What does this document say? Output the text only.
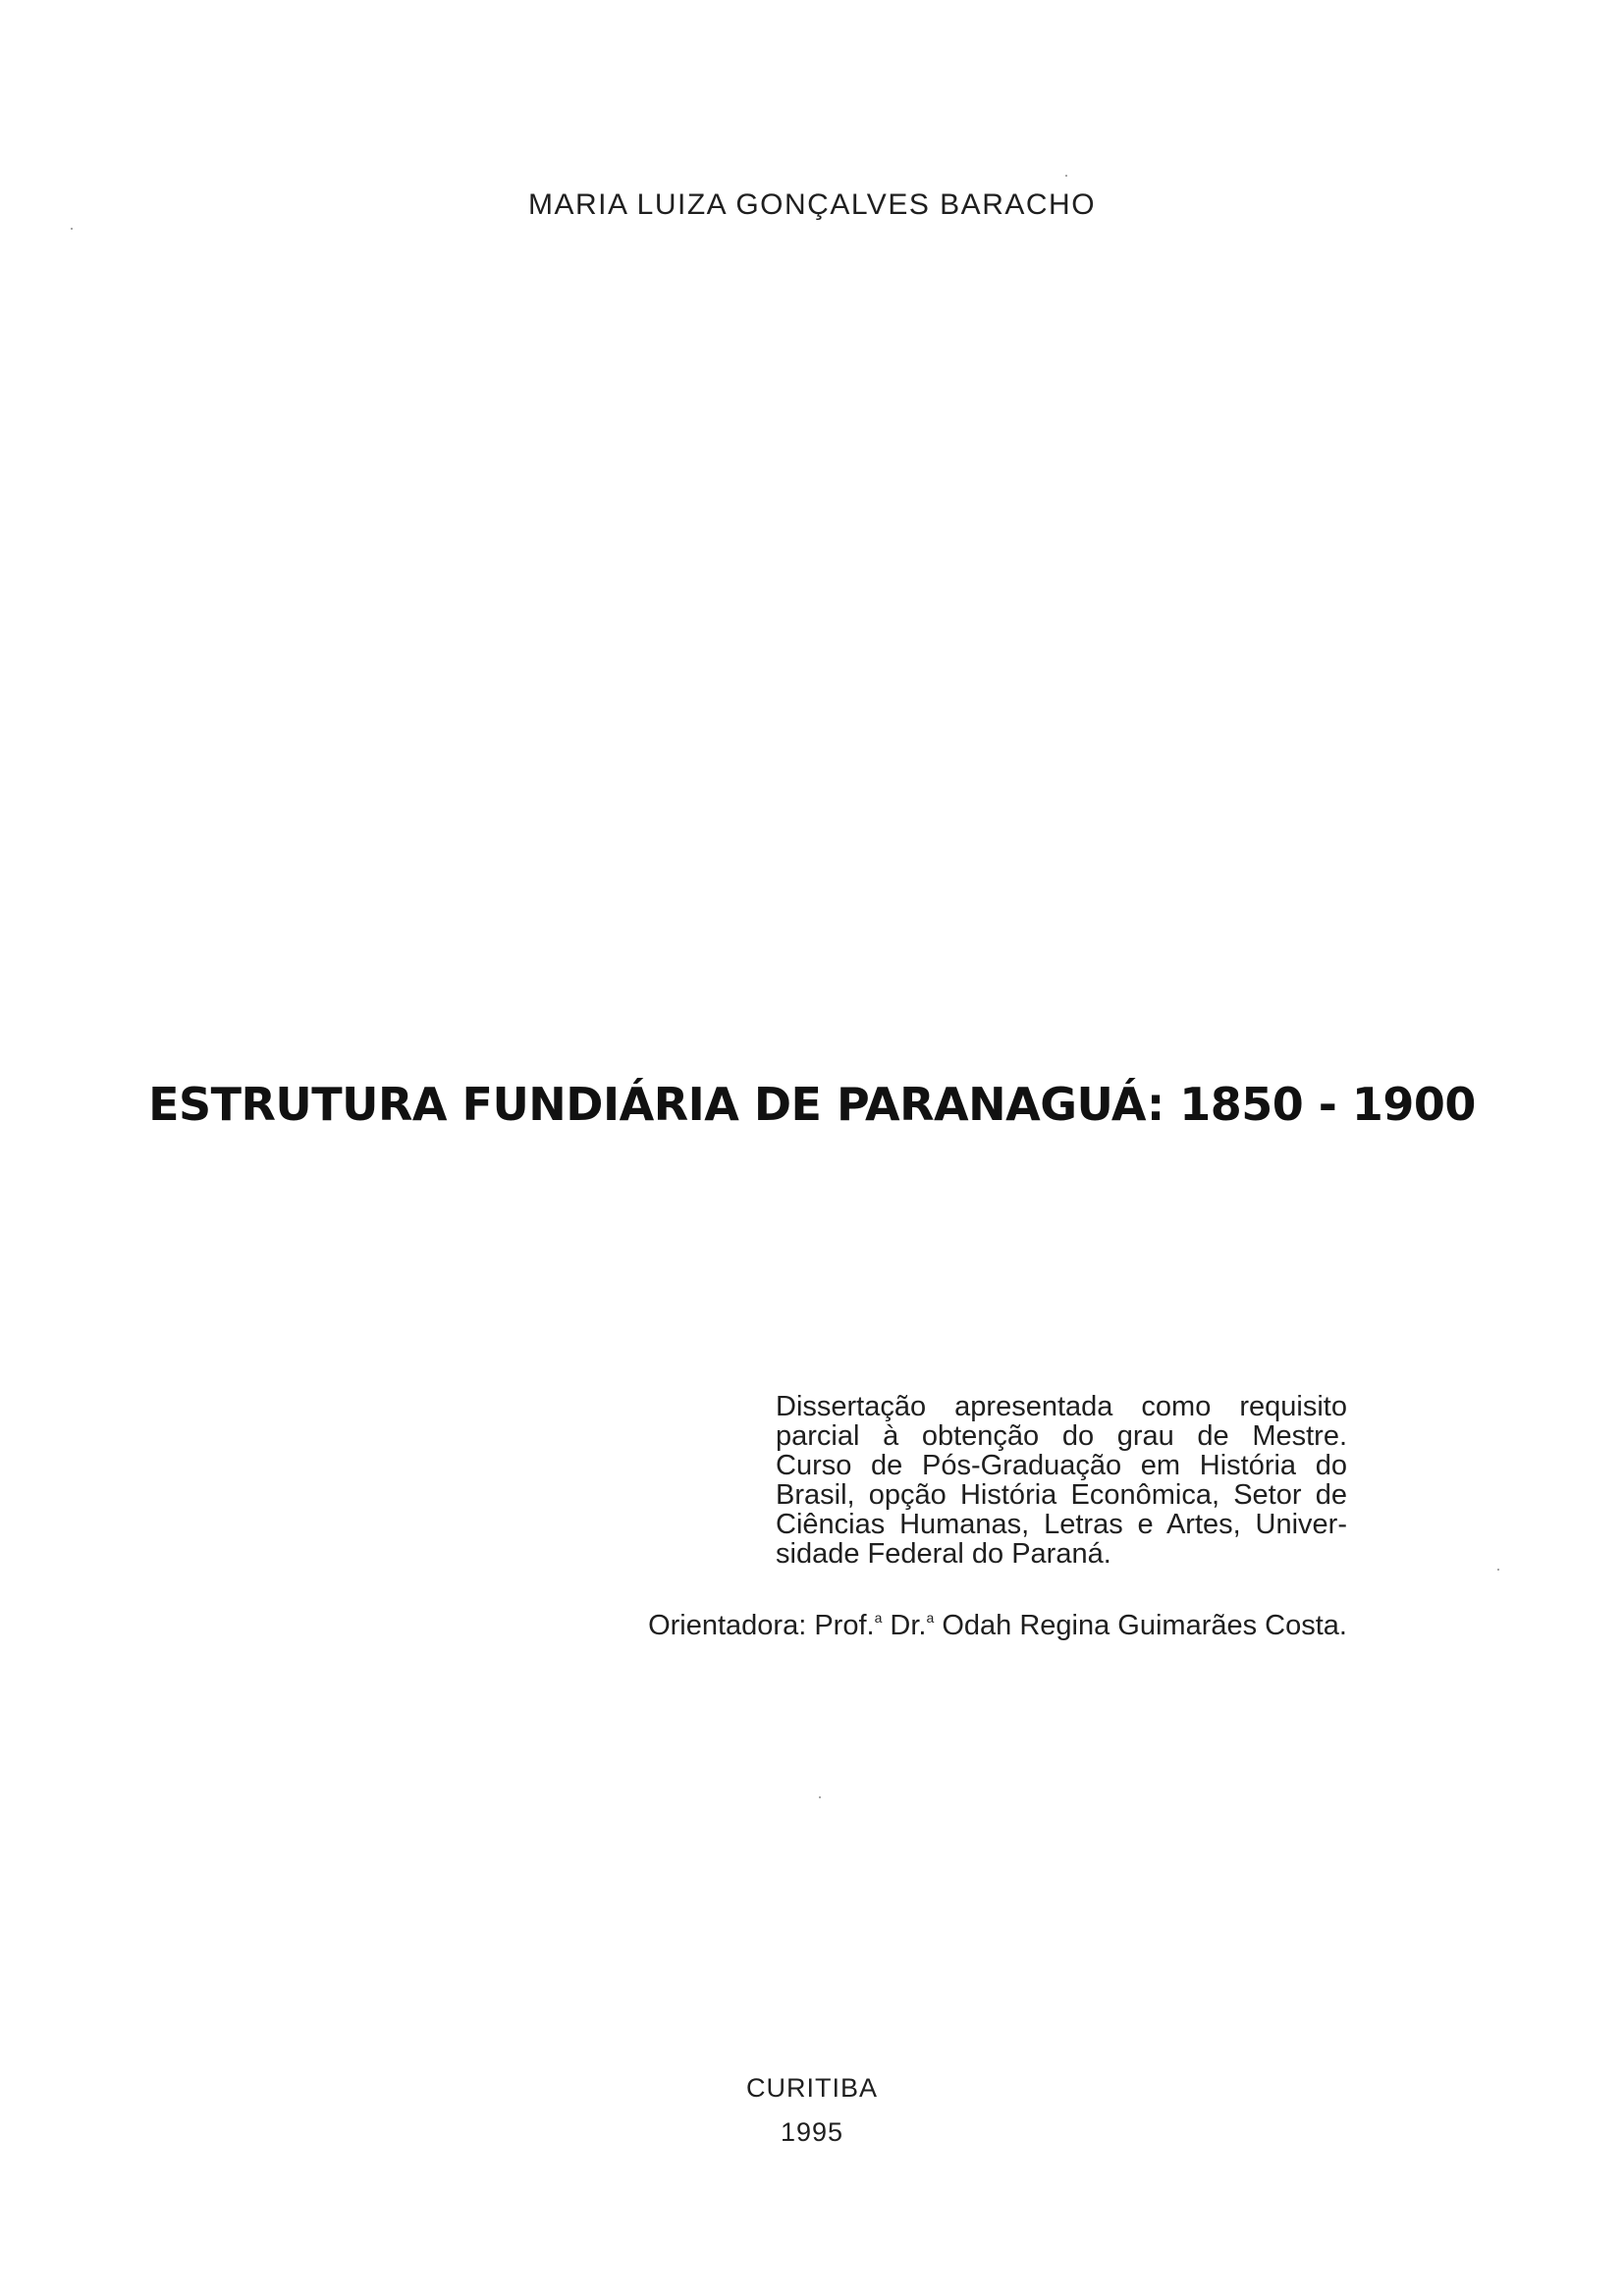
MARIA LUIZA GONÇALVES BARACHO
ESTRUTURA FUNDIÁRIA DE PARANAGUÁ: 1850 - 1900
Dissertação apresentada como requisito
parcial à obtenção do grau de Mestre.
Curso de Pós-Graduação em História do
Brasil, opção História Econômica, Setor de
Ciências Humanas, Letras e Artes, Univer-
sidade Federal do Paraná.
Orientadora: Prof.$^a$ Dr.$^a$ Odah Regina Guimarães Costa.
CURITIBA
1995
